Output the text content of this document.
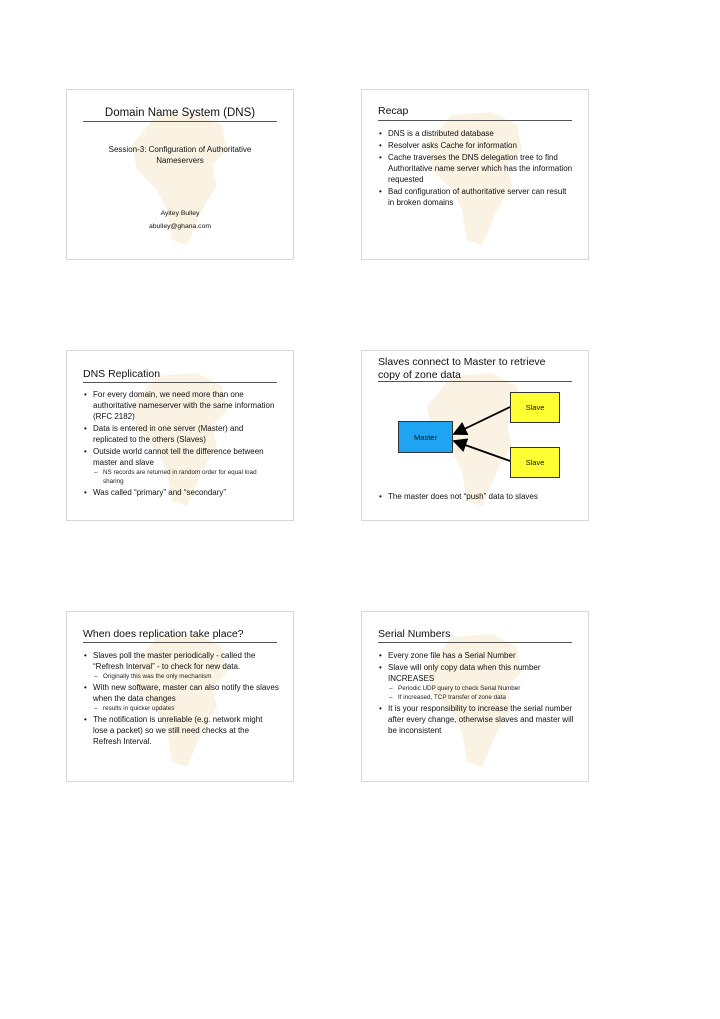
Domain Name System (DNS)
Session-3: Configuration of Authoritative
Nameservers
Ayitey Bulley
abulley@ghana.com
Recap
• DNS is a distributed database
• Resolver asks Cache for information
• Cache traverses the DNS delegation tree to find Authoritative name server which has the information requested
• Bad configuration of authoritative server can result in broken domains
DNS Replication
• For every domain, we need more than one authoritative nameserver with the same information (RFC 2182)
• Data is entered in one server (Master) and replicated to the others (Slaves)
• Outside world cannot tell the difference between master and slave
– NS records are returned in random order for equal load sharing
• Was called “primary” and “secondary”
Slaves connect to Master to retrieve
copy of zone data
Slave
Master
Slave
• The master does not “push” data to slaves
When does replication take place?
• Slaves poll the master periodically - called the “Refresh Interval” - to check for new data.
– Originally this was the only mechanism
• With new software, master can also notify the slaves when the data changes
– results in quicker updates
• The notification is unreliable (e.g. network might lose a packet) so we still need checks at the Refresh Interval.
Serial Numbers
• Every zone file has a Serial Number
• Slave will only copy data when this number INCREASES
– Periodic UDP query to check Serial Number
– If increased, TCP transfer of zone data
• It is your responsibility to increase the serial number after every change, otherwise slaves and master will be inconsistent
